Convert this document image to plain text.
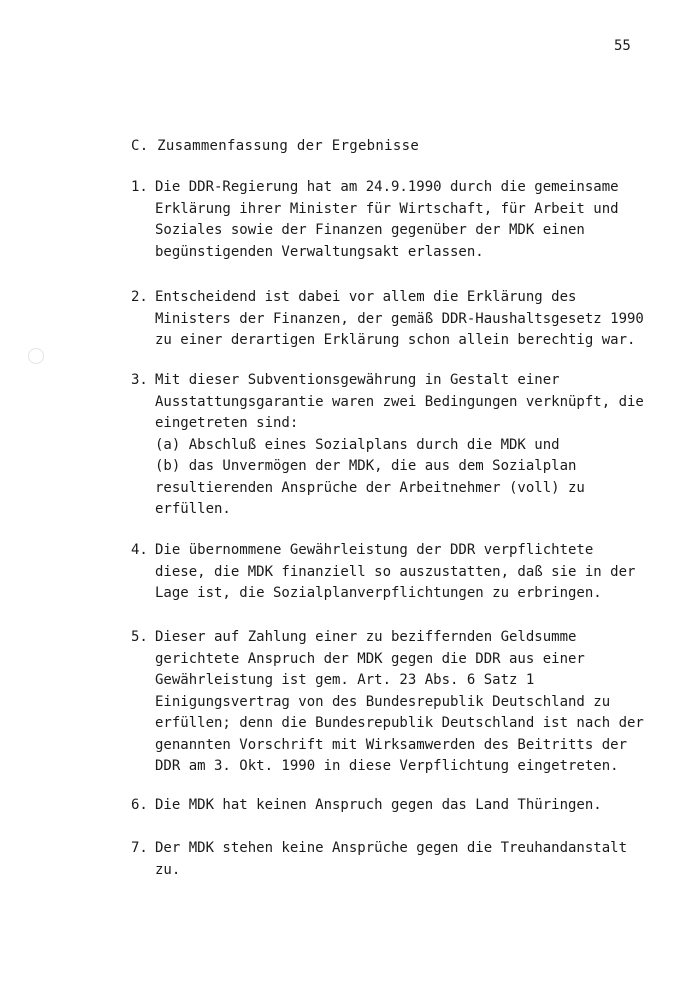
55
C. Zusammenfassung der Ergebnisse
1. Die DDR-Regierung hat am 24.9.1990 durch die gemeinsame
Erklärung ihrer Minister für Wirtschaft, für Arbeit und
Soziales sowie der Finanzen gegenüber der MDK einen
begünstigenden Verwaltungsakt erlassen.
2. Entscheidend ist dabei vor allem die Erklärung des
Ministers der Finanzen, der gemäß DDR-Haushaltsgesetz 1990
zu einer derartigen Erklärung schon allein berechtig war.
3. Mit dieser Subventionsgewährung in Gestalt einer
Ausstattungsgarantie waren zwei Bedingungen verknüpft, die
eingetreten sind:
(a) Abschluß eines Sozialplans durch die MDK und
(b) das Unvermögen der MDK, die aus dem Sozialplan
resultierenden Ansprüche der Arbeitnehmer (voll) zu
erfüllen.
4. Die übernommene Gewährleistung der DDR verpflichtete
diese, die MDK finanziell so auszustatten, daß sie in der
Lage ist, die Sozialplanverpflichtungen zu erbringen.
5. Dieser auf Zahlung einer zu beziffernden Geldsumme
gerichtete Anspruch der MDK gegen die DDR aus einer
Gewährleistung ist gem. Art. 23 Abs. 6 Satz 1
Einigungsvertrag von des Bundesrepublik Deutschland zu
erfüllen; denn die Bundesrepublik Deutschland ist nach der
genannten Vorschrift mit Wirksamwerden des Beitritts der
DDR am 3. Okt. 1990 in diese Verpflichtung eingetreten.
6. Die MDK hat keinen Anspruch gegen das Land Thüringen.
7. Der MDK stehen keine Ansprüche gegen die Treuhandanstalt
zu.
